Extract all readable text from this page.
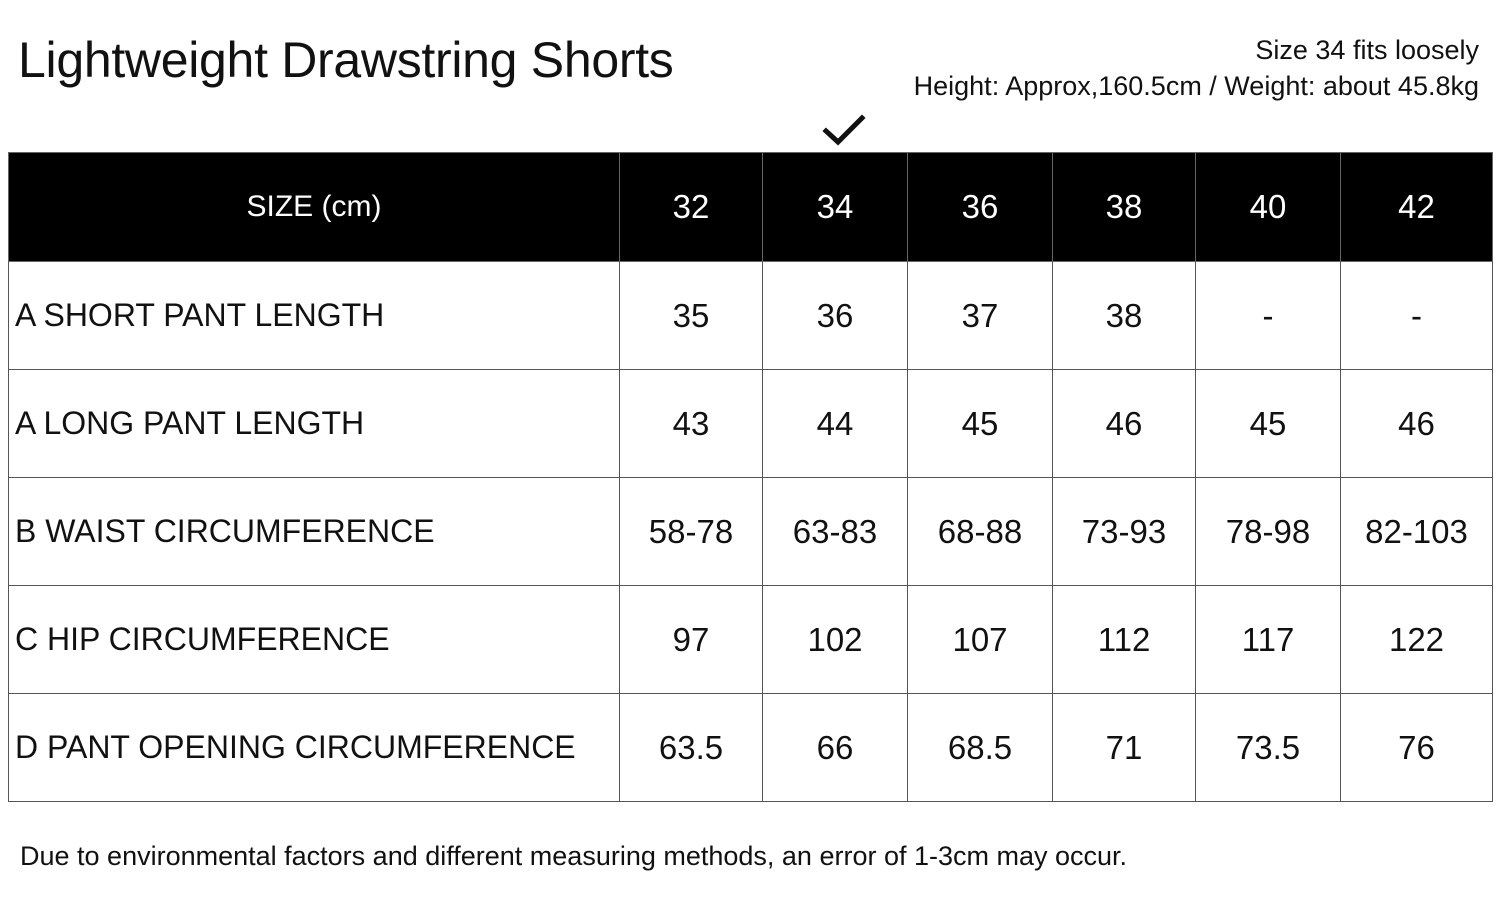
Lightweight Drawstring Shorts	Size 34 fits loosely
Height: Approx,160.5cm / Weight: about 45.8kg
SIZE (cm)	32	34	36	38	40	42
A SHORT PANT LENGTH	35	36	37	38	-	-
A LONG PANT LENGTH	43	44	45	46	45	46
B WAIST CIRCUMFERENCE	58-78	63-83	68-88	73-93	78-98	82-103
C HIP CIRCUMFERENCE	97	102	107	112	117	122
D PANT OPENING CIRCUMFERENCE	63.5	66	68.5	71	73.5	76
Due to environmental factors and different measuring methods, an error of 1-3cm may occur.
